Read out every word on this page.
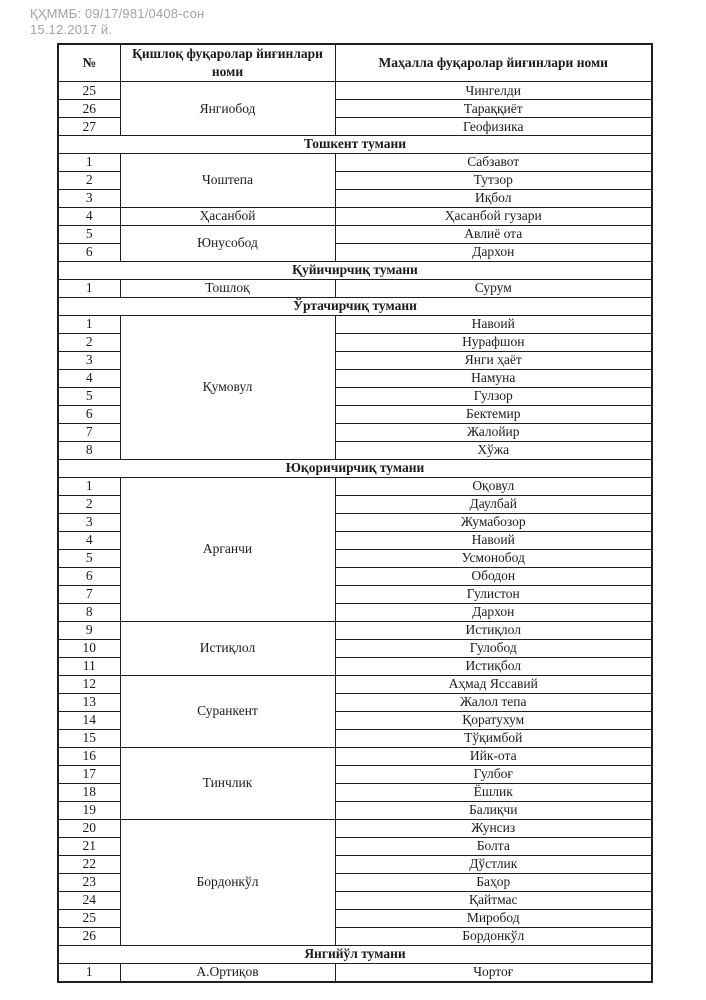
ҚҲММБ: 09/17/981/0408-сон
15.12.2017 й.
№	Қишлоқ фуқаролар йиғинлари номи	Маҳалла фуқаролар йиғинлари номи
25	Янгиобод	Чингелди
26		Тараққиёт
27		Геофизика
Тошкент тумани		
1	Чоштепа	Сабзавот
2		Тутзор
3		Иқбол
4	Ҳасанбой	Ҳасанбой гузари
5	Юнусобод	Авлиё ота
6		Дархон
Қуйичирчиқ тумани		
1	Тошлоқ	Сурум
Ўртачирчиқ тумани		
1	Қумовул	Навоий
2		Нурафшон
3		Янги ҳаёт
4		Намуна
5		Гулзор
6		Бектемир
7		Жалойир
8		Хўжа
Юқоричирчиқ тумани		
1	Арганчи	Оқовул
2		Даулбай
3		Жумабозор
4		Навоий
5		Усмонобод
6		Ободон
7		Гулистон
8		Дархон
9	Истиқлол	Истиқлол
10		Гулобод
11		Истиқбол
12	Суранкент	Аҳмад Яссавий
13		Жалол тепа
14		Қоратухум
15		Тўқимбой
16	Тинчлик	Ийк-ота
17		Гулбоғ
18		Ёшлик
19		Балиқчи
20	Бордонкўл	Жунсиз
21		Болта
22		Дўстлик
23		Баҳор
24		Қайтмас
25		Миробод
26		Бордонкўл
Янгийўл тумани		
1	А.Ортиқов	Чортоғ
